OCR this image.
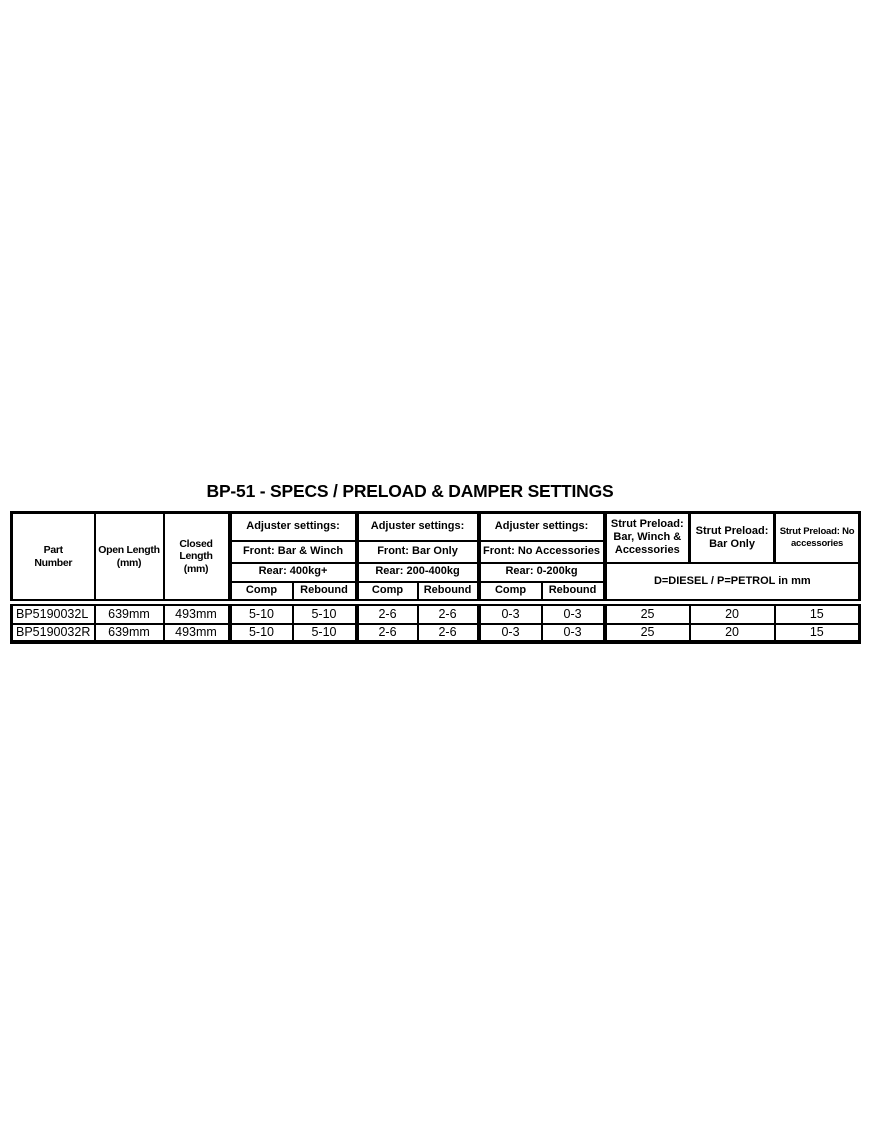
BP-51 - SPECS / PRELOAD & DAMPER SETTINGS
Part Number	Open Length (mm)	Closed Length (mm)	Adjuster settings:		Adjuster settings:		Adjuster settings:		Strut Preload: Bar, Winch & Accessories	Strut Preload: Bar Only	Strut Preload: No accessories
			Front: Bar & Winch		Front: Bar Only		Front: No Accessories				
			Rear: 400kg+		Rear: 200-400kg		Rear: 0-200kg		D=DIESEL / P=PETROL in mm		
			Comp	Rebound	Comp	Rebound	Comp	Rebound			
BP5190032L	639mm	493mm	5-10	5-10	2-6	2-6	0-3	0-3	25	20	15
BP5190032R	639mm	493mm	5-10	5-10	2-6	2-6	0-3	0-3	25	20	15
